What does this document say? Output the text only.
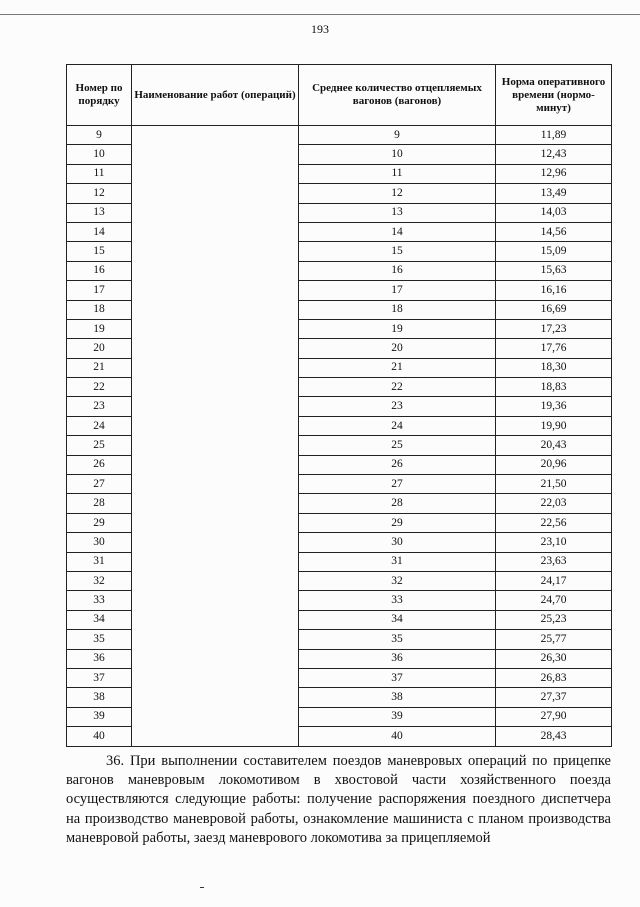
193
Номер по порядку	Наименование работ (операций)	Среднее количество отцепляемых вагонов (вагонов)	Норма оперативного времени (нормо-минут)
9		9	11,89
10		10	12,43
11		11	12,96
12		12	13,49
13		13	14,03
14		14	14,56
15		15	15,09
16		16	15,63
17		17	16,16
18		18	16,69
19		19	17,23
20		20	17,76
21		21	18,30
22		22	18,83
23		23	19,36
24		24	19,90
25		25	20,43
26		26	20,96
27		27	21,50
28		28	22,03
29		29	22,56
30		30	23,10
31		31	23,63
32		32	24,17
33		33	24,70
34		34	25,23
35		35	25,77
36		36	26,30
37		37	26,83
38		38	27,37
39		39	27,90
40		40	28,43
36. При выполнении составителем поездов маневровых операций по прицепке вагонов маневровым локомотивом в хвостовой части хозяйственного поезда осуществляются следующие работы: получение распоряжения поездного диспетчера на производство маневровой работы, ознакомление машиниста с планом производства маневровой работы, заезд маневрового локомотива за прицепляемой
